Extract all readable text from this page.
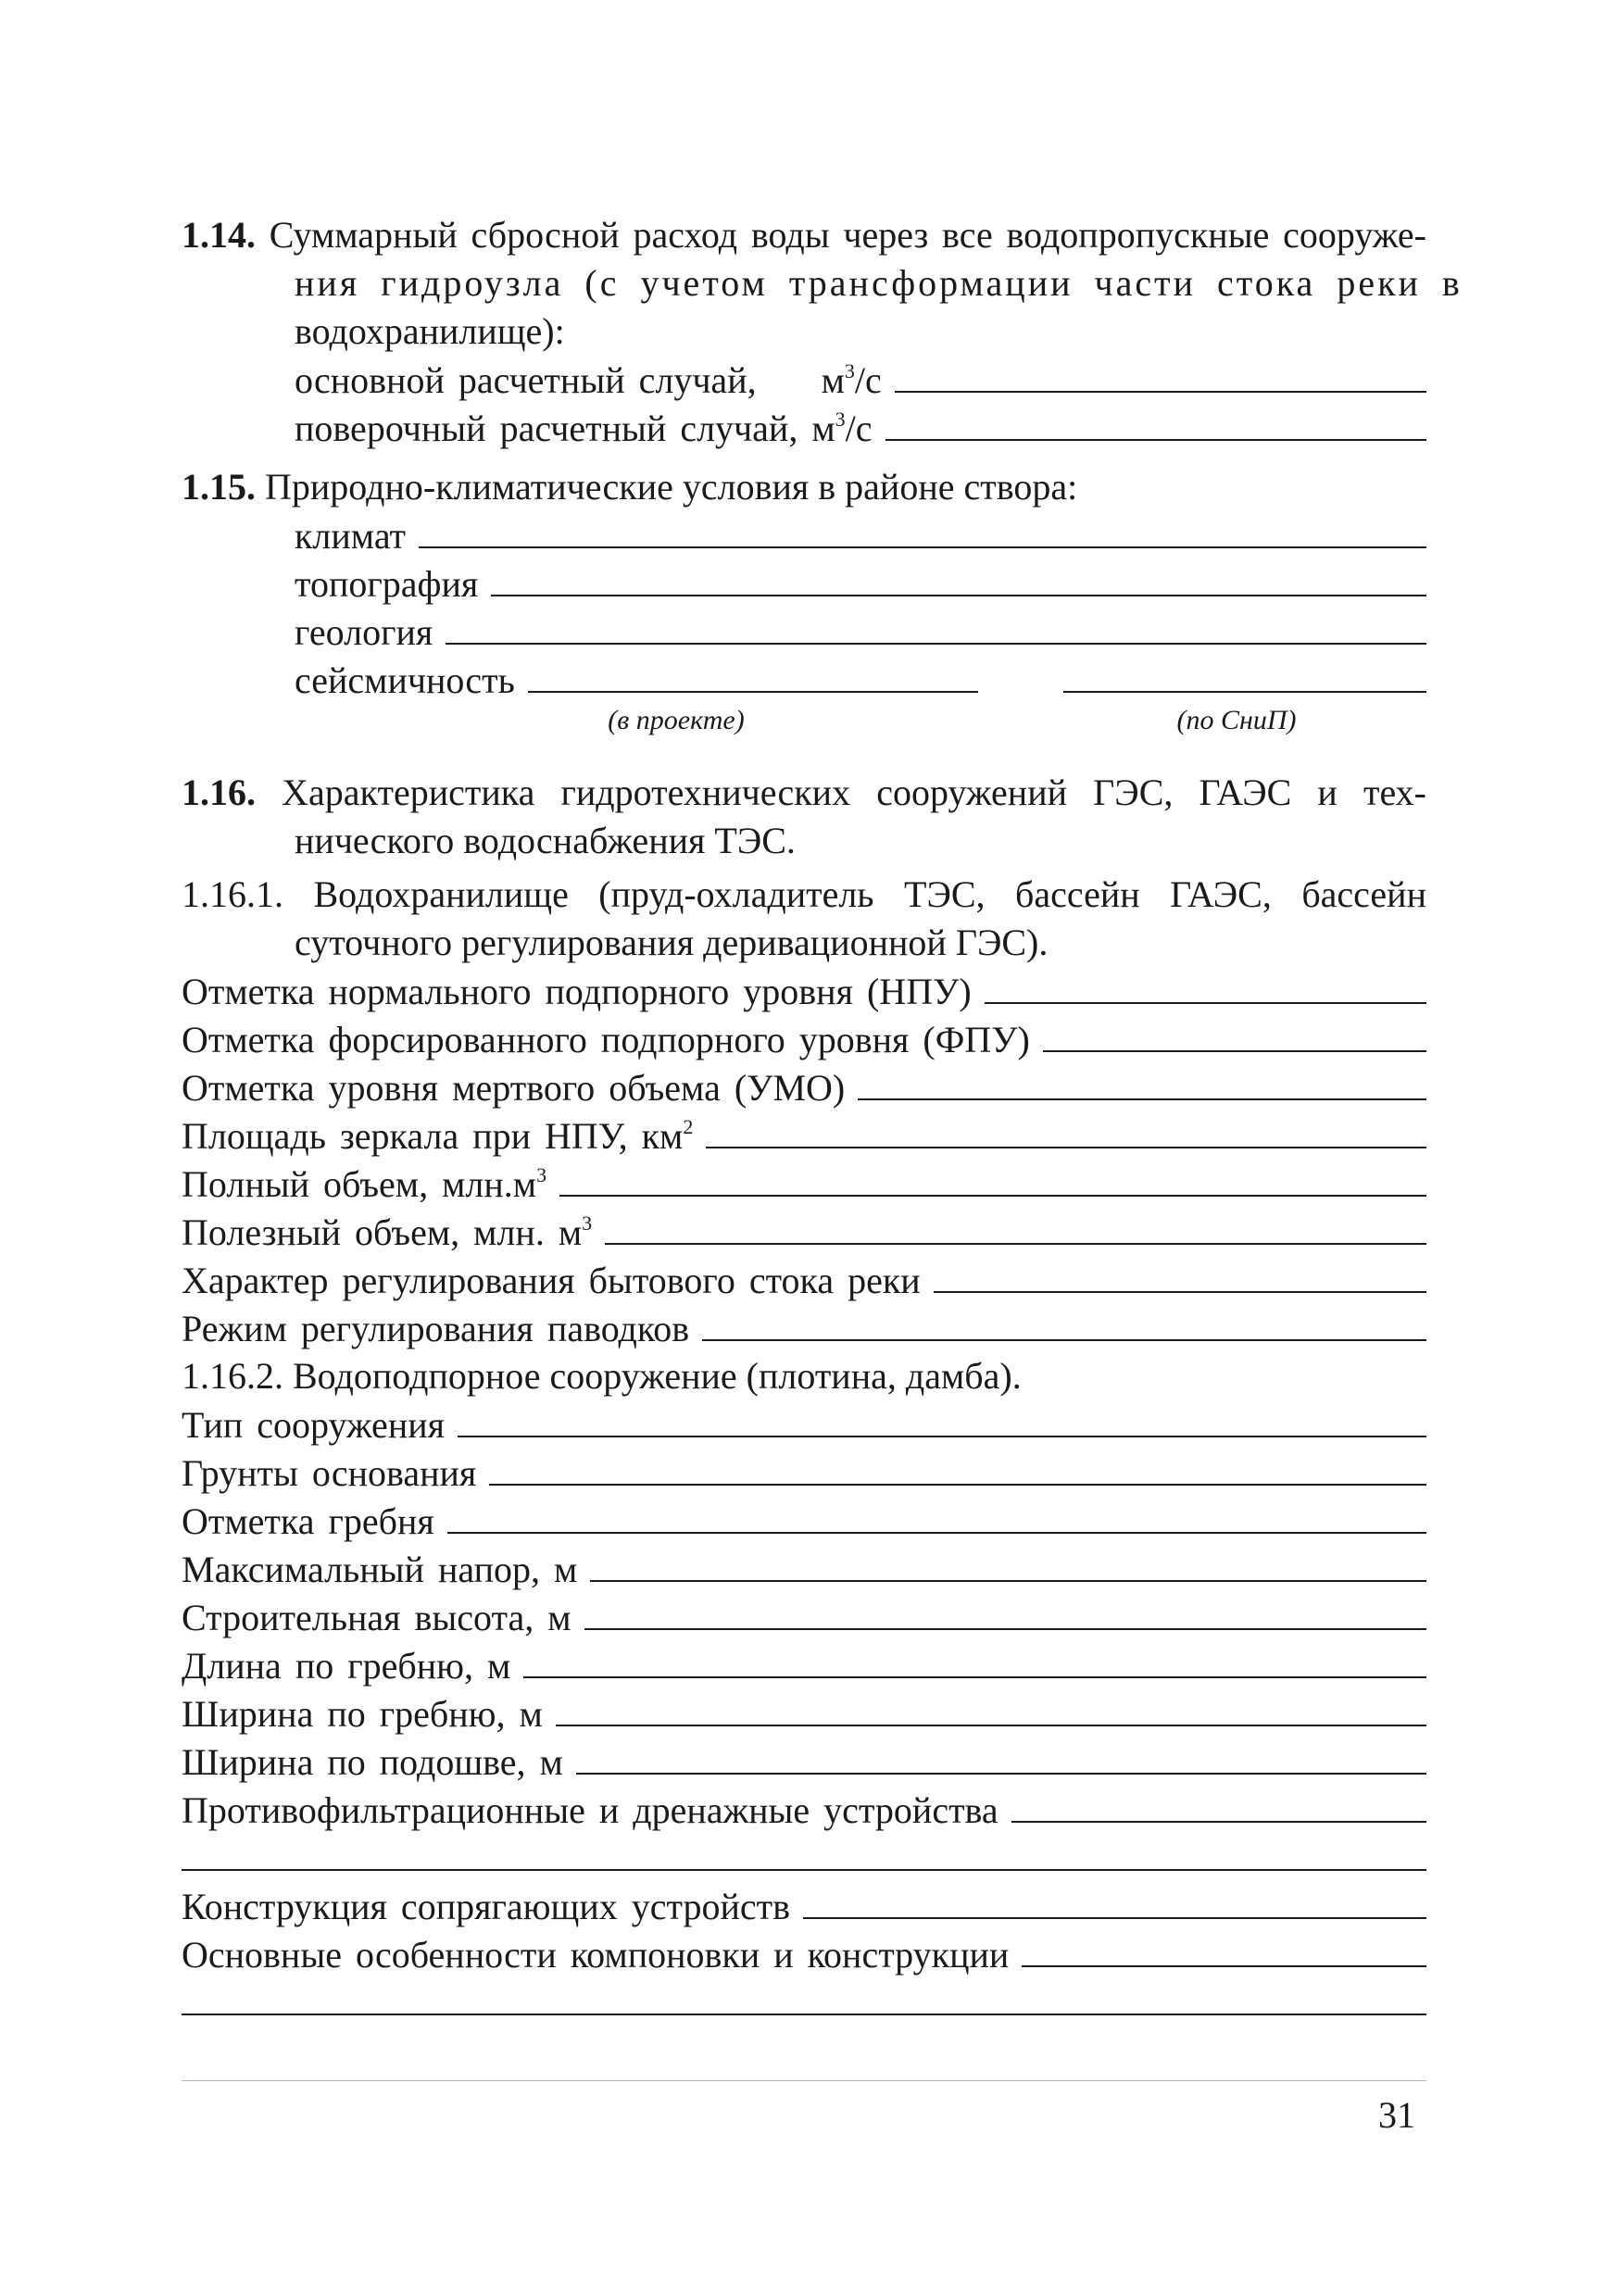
1.14. Суммарный сбросной расход воды через все водопропускные сооруже-
ния гидроузла (с учетом трансформации части стока реки в
водохранилище):
основной расчетный случай, $м^3/с$
поверочный расчетный случай, $м^3/с$
1.15.
Природно-климатические условия в районе створа:
климат
топография
геология
сейсмичность
(в проекте)	(по СниП)
1.16. Характеристика гидротехнических сооружений ГЭС, ГАЭС и тех-
нического водоснабжения ТЭС.
1.16.1. Водохранилище (пруд-охладитель ТЭС, бассейн ГАЭС, бассейн
суточного регулирования деривационной ГЭС).
Отметка нормального подпорного уровня (НПУ)
Отметка форсированного подпорного уровня (ФПУ)
Отметка уровня мертвого объема (УМО)
Площадь зеркала при НПУ, $км^2$
Полный объем, $млн.м^3$
Полезный объем, млн. $м^3$
Характер регулирования бытового стока реки
Режим регулирования паводков
1.16.2. Водоподпорное сооружение (плотина, дамба).
Тип сооружения
Грунты основания
Отметка гребня
Максимальный напор, м
Строительная высота, м
Длина по гребню, м
Ширина по гребню, м
Ширина по подошве, м
Противофильтрационные и дренажные устройства
Конструкция сопрягающих устройств
Основные особенности компоновки и конструкции
31
